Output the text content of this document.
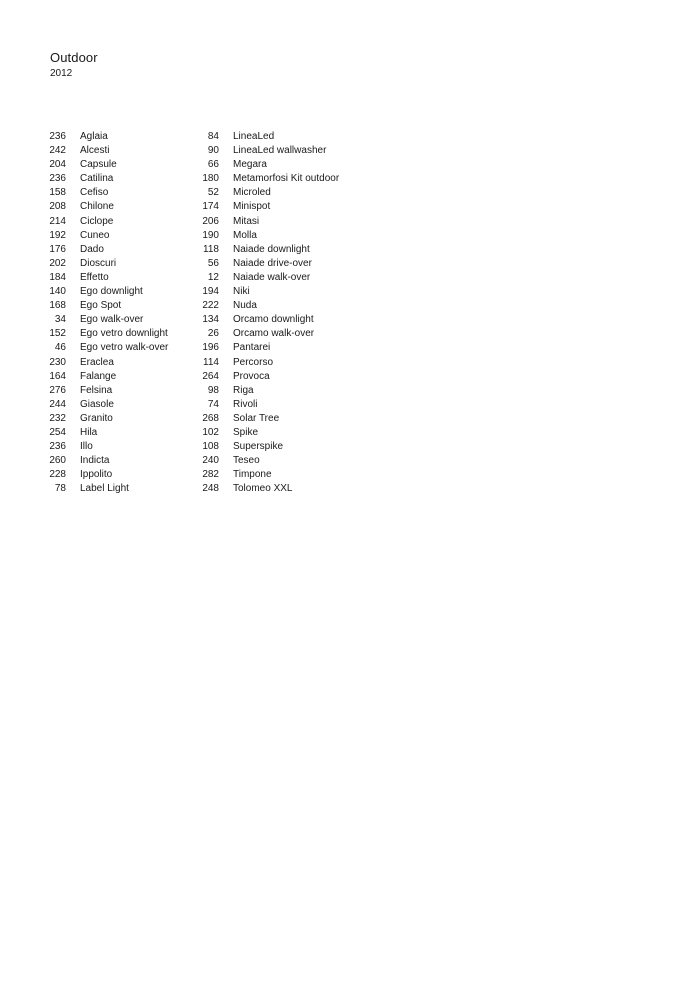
Outdoor
2012
236 Aglaia
242 Alcesti
204 Capsule
236 Catilina
158 Cefiso
208 Chilone
214 Ciclope
192 Cuneo
176 Dado
202 Dioscuri
184 Effetto
140 Ego downlight
168 Ego Spot
34 Ego walk-over
152 Ego vetro downlight
46 Ego vetro walk-over
230 Eraclea
164 Falange
276 Felsina
244 Giasole
232 Granito
254 Hila
236 Illo
260 Indicta
228 Ippolito
78 Label Light
84 LineaLed
90 LineaLed wallwasher
66 Megara
180 Metamorfosi Kit outdoor
52 Microled
174 Minispot
206 Mitasi
190 Molla
118 Naiade downlight
56 Naiade drive-over
12 Naiade walk-over
194 Niki
222 Nuda
134 Orcamo downlight
26 Orcamo walk-over
196 Pantarei
114 Percorso
264 Provoca
98 Riga
74 Rivoli
268 Solar Tree
102 Spike
108 Superspike
240 Teseo
282 Timpone
248 Tolomeo XXL
